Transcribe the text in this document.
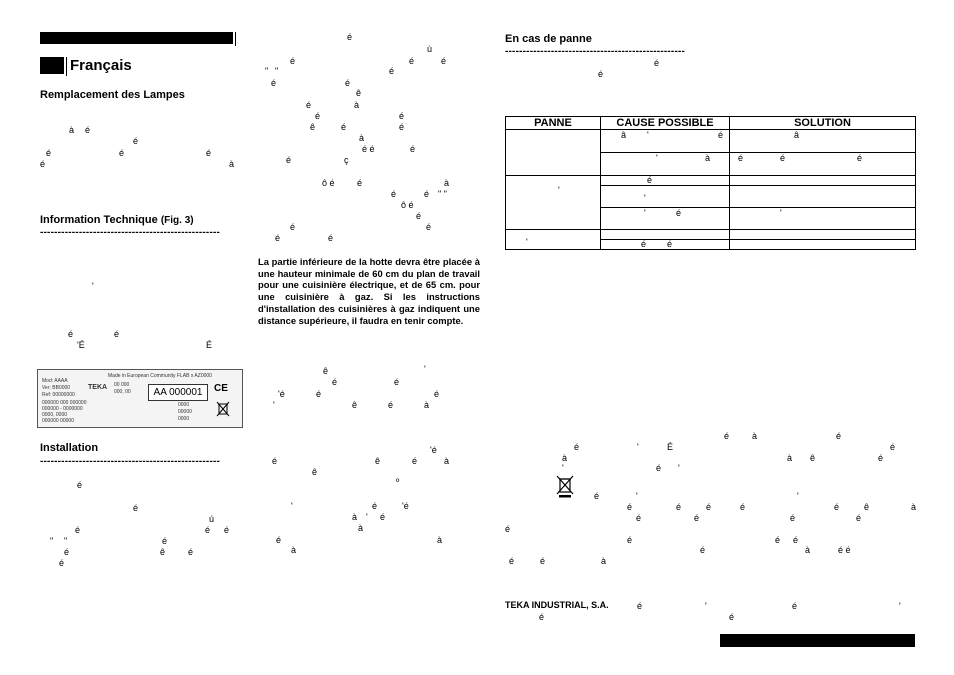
Français
Remplacement des Lampes
à é
é
é	é	é
é	à
Information Technique (Fig. 3)
---------------------------------------------------
'
é	é
'É	É
Made in European Community FLAB x AZ0000
Mod: AAAA
Ver: BB0000
Ref: 00000000
000000 000 000000
000000 - 0000000
0000, 0000
000000 00000
TEKA 00 000
000, 00
0000
00000
0000
AA 000001	CE
Installation
---------------------------------------------------
é
é
ú
é	é é
" "	é
é	ê	é
é
é
ù
é	é	é
" "	é
é	é
ê
é	à
é	é
ê	é	é
à
é é	é
é	ç
ô é é	à
é	é " "
ô é
é
é	é
é	é
La partie inférieure de la hotte devra être placée à une hauteur minimale de 60 cm du plan de travail pour une cuisinière électrique, et de 65 cm. pour une cuisinière à gaz. Si les instructions d'installation des cuisinières à gaz indiquent une distance supérieure, il faudra en tenir compte.
'
ê
é	é
'é	é	é
'	ê	é	à
'é
é	ê	é	à
ê
º
'	é	'é
à ' é
à
é	à
à
En cas de panne
---------------------------------------------------
é
é
PANNE	CAUSE POSSIBLE	SOLUTION

	â ' é	â

	' à	é é é

'	é	

	'	

	' é	'

'		

	é é	

é	à	é
é	'	É	é
à	à ê	é
'	é '
é	'	'
é	é	é	é	é	ê	à
é	é	é	é
é
é	é é
é	à	é é
é	é	à
TEKA INDUSTRIAL, S.A.	é	'	é	'
é	é
